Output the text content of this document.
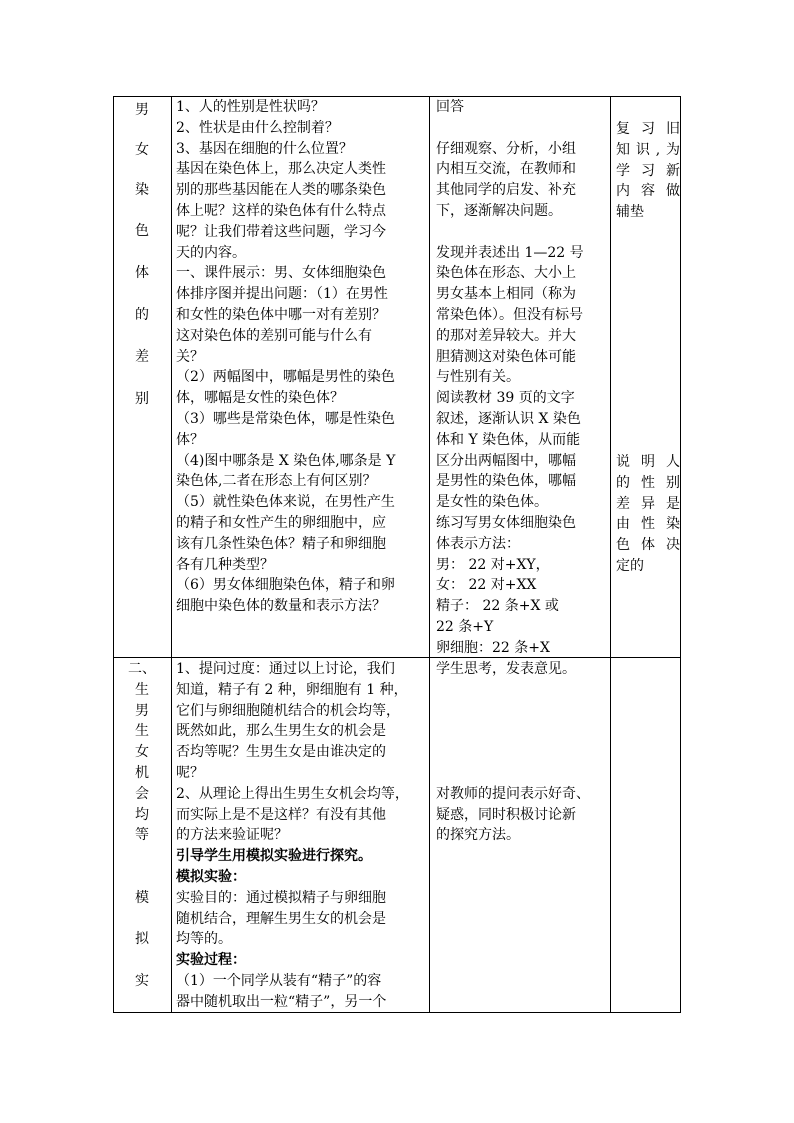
男
女
染
色
体
的
差
别
1、人的性别是性状吗？
2、性状是由什么控制着？
3、基因在细胞的什么位置？
基因在染色体上，那么决定人类性
别的那些基因能在人类的哪条染色
体上呢？这样的染色体有什么特点
呢？让我们带着这些问题，学习今
天的内容。
一、课件展示：男、女体细胞染色
体排序图并提出问题：（1）在男性
和女性的染色体中哪一对有差别？
这对染色体的差别可能与什么有
关？
（2）两幅图中，哪幅是男性的染色
体，哪幅是女性的染色体？
（3）哪些是常染色体，哪是性染色
体？
（4)图中哪条是 X 染色体,哪条是 Y
染色体,二者在形态上有何区别？
（5）就性染色体来说，在男性产生
的精子和女性产生的卵细胞中，应
该有几条性染色体？精子和卵细胞
各有几种类型？
（6）男女体细胞染色体，精子和卵
细胞中染色体的数量和表示方法？
回答
仔细观察、分析，小组
内相互交流，在教师和
其他同学的启发、补充
下，逐渐解决问题。
发现并表述出 1—22 号
染色体在形态、大小上
男女基本上相同（称为
常染色体）。但没有标号
的那对差异较大。并大
胆猜测这对染色体可能
与性别有关。
阅读教材 39 页的文字
叙述，逐渐认识 X 染色
体和 Y 染色体，从而能
区分出两幅图中，哪幅
是男性的染色体，哪幅
是女性的染色体。
练习写男女体细胞染色
体表示方法：
男： 22 对+XY，
女： 22 对+XX
精子： 22 条+X 或
22 条+Y
卵细胞：22 条+X
复习旧
知识,为
学习新
内容做
辅垫
说明人
的性别
差异是
由性染
色体决
定的
二、
生
男
生
女
机
会
均
等
模
拟
实
1、提问过度：通过以上讨论，我们
知道，精子有 2 种，卵细胞有 1 种，
它们与卵细胞随机结合的机会均等，
既然如此，那么生男生女的机会是
否均等呢？生男生女是由谁决定的
呢？
2、从理论上得出生男生女机会均等，
而实际上是不是这样？有没有其他
的方法来验证呢？
引导学生用模拟实验进行探究。
模拟实验：
实验目的：通过模拟精子与卵细胞
随机结合，理解生男生女的机会是
均等的。
实验过程：
（1）一个同学从装有“精子”的容
器中随机取出一粒“精子”，另一个
学生思考，发表意见。
对教师的提问表示好奇、
疑惑，同时积极讨论新
的探究方法。
